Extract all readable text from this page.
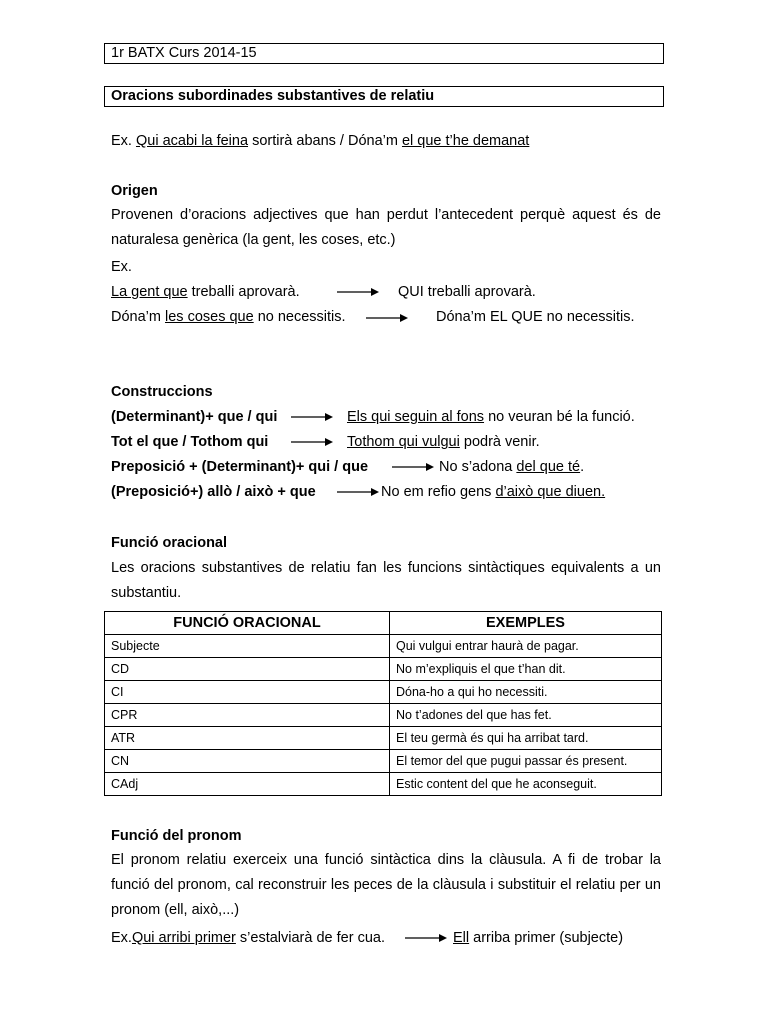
1r BATX Curs 2014-15
Oracions subordinades substantives de relatiu
Ex. Qui acabi la feina sortirà abans / Dóna’m el que t’he demanat
Origen
Provenen d’oracions adjectives que han perdut l’antecedent perquè aquest és de naturalesa genèrica (la gent, les coses, etc.)
Ex.
La gent que treballi aprovarà.	QUI treballi aprovarà.
Dóna’m les coses que no necessitis.	Dóna’m EL QUE no necessitis.
Construccions
(Determinant)+ que / qui	Els qui seguin al fons no veuran bé la funció.
Tot el que / Tothom qui	Tothom qui vulgui podrà venir.
Preposició + (Determinant)+ qui / que	No s’adona del que té.
(Preposició+) allò / això + que	No em refio gens d’això que diuen.
Funció oracional
Les oracions substantives de relatiu fan les funcions sintàctiques equivalents a un substantiu.
FUNCIÓ ORACIONAL	EXEMPLES
Subjecte	Qui vulgui entrar haurà de pagar.
CD	No m’expliquis el que t’han dit.
CI	Dóna-ho a qui ho necessiti.
CPR	No t’adones del que has fet.
ATR	El teu germà és qui ha arribat tard.
CN	El temor del que pugui passar és present.
CAdj	Estic content del que he aconseguit.
Funció del pronom
El pronom relatiu exerceix una funció sintàctica dins la clàusula. A fi de trobar la funció del pronom, cal reconstruir les peces de la clàusula i substituir el relatiu per un pronom (ell, això,...)
Ex.Qui arribi primer s’estalviarà de fer cua.	Ell arriba primer (subjecte)
